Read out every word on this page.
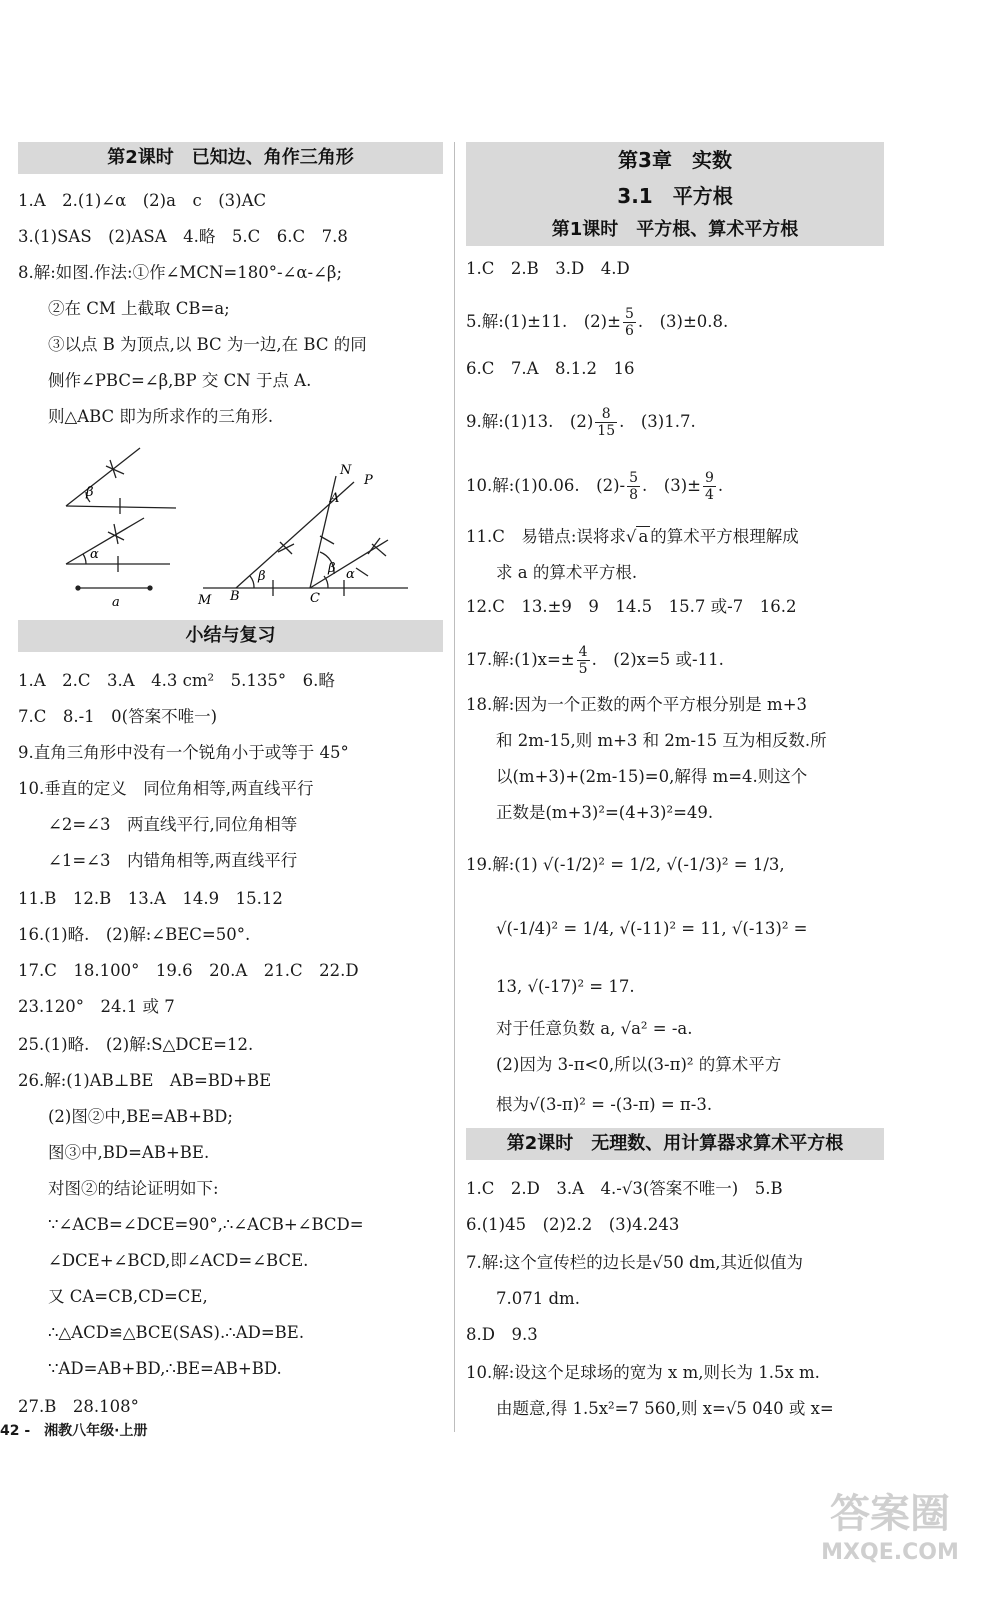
第2课时　已知边、角作三角形
1.A　2.(1)∠α　(2)a　c　(3)AC
3.(1)SAS　(2)ASA　4.略　5.C　6.C　7.8
8.解:如图.作法:①作∠MCN=180°-∠α-∠β;
②在 CM 上截取 CB=a;
③以点 B 为顶点,以 BC 为一边,在 BC 的同
侧作∠PBC=∠β,BP 交 CN 于点 A.
则△ABC 即为所求作的三角形.
β
α
a
N
P
A
M B	C
β
β α
小结与复习
1.A　2.C　3.A　4.3 cm²　5.135°　6.略
7.C　8.-1　0(答案不唯一)
9.直角三角形中没有一个锐角小于或等于 45°
10.垂直的定义　同位角相等,两直线平行
∠2=∠3　两直线平行,同位角相等
∠1=∠3　内错角相等,两直线平行
11.B　12.B　13.A　14.9　15.12
16.(1)略.　(2)解:∠BEC=50°.
17.C　18.100°　19.6　20.A　21.C　22.D
23.120°　24.1 或 7
25.(1)略.　(2)解:S△DCE=12.
26.解:(1)AB⊥BE　AB=BD+BE
(2)图②中,BE=AB+BD;
图③中,BD=AB+BE.
对图②的结论证明如下:
∵∠ACB=∠DCE=90°,∴∠ACB+∠BCD=
∠DCE+∠BCD,即∠ACD=∠BCE.
又 CA=CB,CD=CE,
∴△ACD≌△BCE(SAS).∴AD=BE.
∵AD=AB+BD,∴BE=AB+BD.
27.B　28.108°
第3章　实数
3.1　平方根
第1课时　平方根、算术平方根
1.C　2.B　3.D　4.D
5.解:(1)±11.　$(2)\pm \frac{5}{6}$ .　(3)±0.8.
6.C　7.A　8.1.2　16
9.解:(1)13.　$(2) \frac{8}{15}$ .　(3)1.7.
10.解:(1)0.06.　$(2)- \frac{5}{8}$ .　$(3)\pm \frac{9}{4}$ .
11.C　易错点:误将求√ a 的算术平方根理解成
求 a 的算术平方根.
12.C　13.±9　9　14.5　15.7 或-7　16.2
17.解:(1)x=± $\frac{4}{5}$ .　(2)x=5 或-11.
18.解:因为一个正数的两个平方根分别是 m+3
和 2m-15,则 m+3 和 2m-15 互为相反数.所
以(m+3)+(2m-15)=0,解得 m=4.则这个
正数是(m+3)²=(4+3)²=49.
19.解:(1) √(-1/2)² = 1/2, √(-1/3)² = 1/3,
√(-1/4)² = 1/4, √(-11)² = 11, √(-13)² =
13, √(-17)² = 17.
对于任意负数 a, √a² = -a.
(2)因为 3-π<0,所以(3-π)² 的算术平方
根为√(3-π)² = -(3-π) = π-3.
第2课时　无理数、用计算器求算术平方根
1.C　2.D　3.A　4.-√3(答案不唯一)　5.B
6.(1)45　(2)2.2　(3)4.243
7.解:这个宣传栏的边长是√50 dm,其近似值为
7.071 dm.
8.D　9.3
10.解:设这个足球场的宽为 x m,则长为 1.5x m.
由题意,得 1.5x²=7 560,则 x=√5 040 或 x=
42 -　湘教八年级·上册
答案圈
MXQE.COM
